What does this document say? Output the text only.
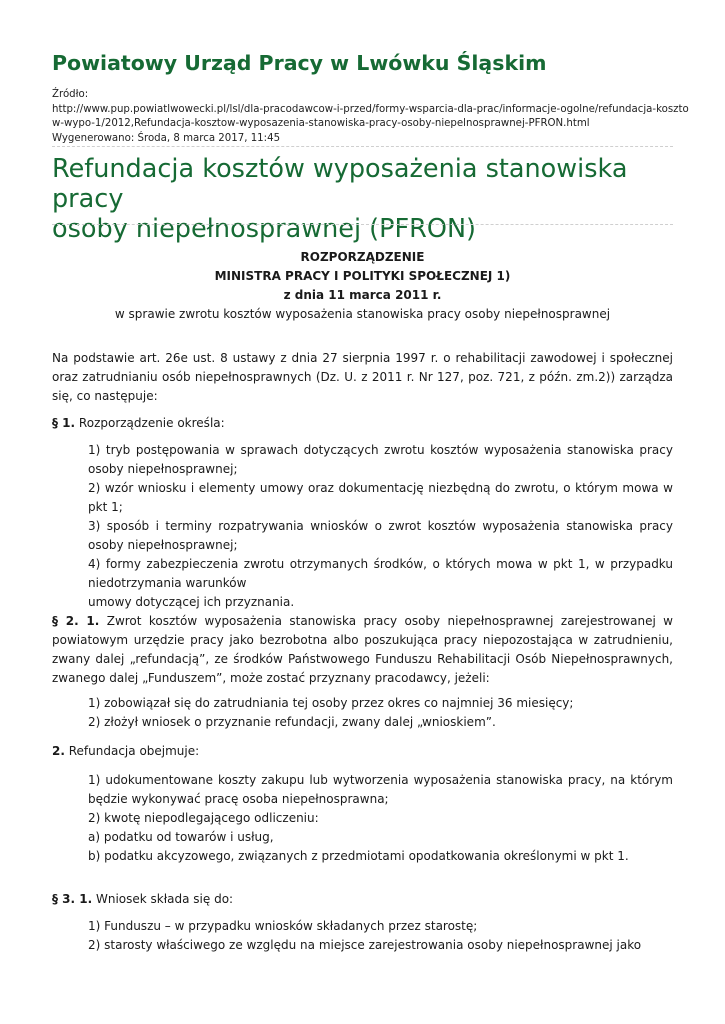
Powiatowy Urząd Pracy w Lwówku Śląskim
Źródło:
http://www.pup.powiatlwowecki.pl/lsl/dla-pracodawcow-i-przed/formy-wsparcia-dla-prac/informacje-ogolne/refundacja-koszto
w-wypo-1/2012,Refundacja-kosztow-wyposazenia-stanowiska-pracy-osoby-niepelnosprawnej-PFRON.html
Wygenerowano: Środa, 8 marca 2017, 11:45
Refundacja kosztów wyposażenia stanowiska pracy
osoby niepełnosprawnej (PFRON)
ROZPORZĄDZENIE
MINISTRA PRACY I POLITYKI SPOŁECZNEJ 1)
z dnia 11 marca 2011 r.
w sprawie zwrotu kosztów wyposażenia stanowiska pracy osoby niepełnosprawnej
Na podstawie art. 26e ust. 8 ustawy z dnia 27 sierpnia 1997 r. o rehabilitacji zawodowej i społecznej oraz zatrudnianiu osób niepełnosprawnych (Dz. U. z 2011 r. Nr 127, poz. 721, z późn. zm.2)) zarządza się, co następuje:
§ 1. Rozporządzenie określa:
1) tryb postępowania w sprawach dotyczących zwrotu kosztów wyposażenia stanowiska pracy osoby niepełnosprawnej;
2) wzór wniosku i elementy umowy oraz dokumentację niezbędną do zwrotu, o którym mowa w pkt 1;
3) sposób i terminy rozpatrywania wniosków o zwrot kosztów wyposażenia stanowiska pracy osoby niepełnosprawnej;
4) formy zabezpieczenia zwrotu otrzymanych środków, o których mowa w pkt 1, w przypadku niedotrzymania warunków
umowy dotyczącej ich przyznania.
§ 2. 1. Zwrot kosztów wyposażenia stanowiska pracy osoby niepełnosprawnej zarejestrowanej w powiatowym urzędzie pracy jako bezrobotna albo poszukująca pracy niepozostająca w zatrudnieniu, zwany dalej „refundacją”, ze środków Państwowego Funduszu Rehabilitacji Osób Niepełnosprawnych, zwanego dalej „Funduszem”, może zostać przyznany pracodawcy, jeżeli:
1) zobowiązał się do zatrudniania tej osoby przez okres co najmniej 36 miesięcy;
2) złożył wniosek o przyznanie refundacji, zwany dalej „wnioskiem”.
2. Refundacja obejmuje:
1) udokumentowane koszty zakupu lub wytworzenia wyposażenia stanowiska pracy, na którym będzie wykonywać pracę osoba niepełnosprawna;
2) kwotę niepodlegającego odliczeniu:
a) podatku od towarów i usług,
b) podatku akcyzowego, związanych z przedmiotami opodatkowania określonymi w pkt 1.
§ 3. 1. Wniosek składa się do:
1) Funduszu – w przypadku wniosków składanych przez starostę;
2) starosty właściwego ze względu na miejsce zarejestrowania osoby niepełnosprawnej jako
